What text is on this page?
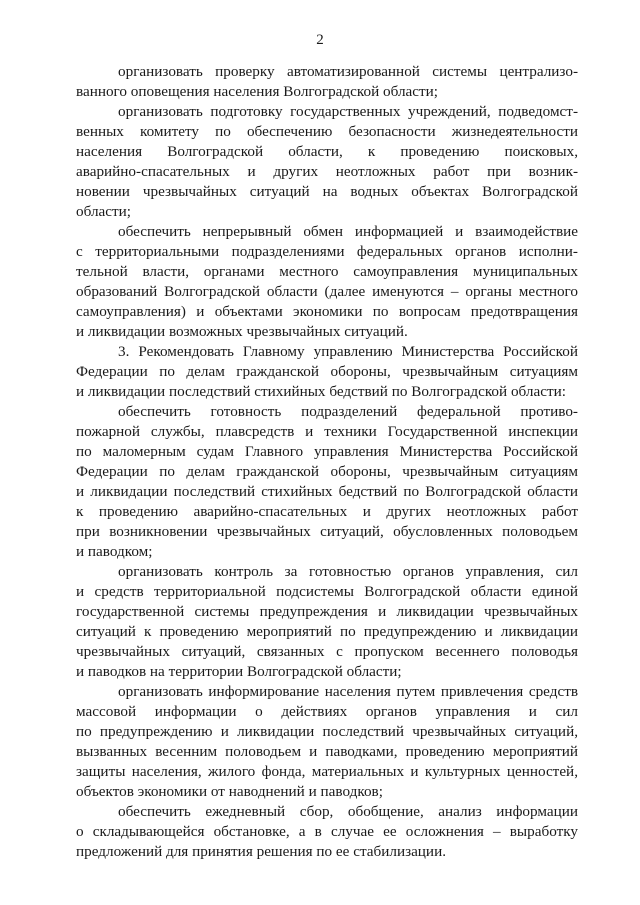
2
организовать проверку автоматизированной системы централизо-
ванного оповещения населения Волгоградской области;
организовать подготовку государственных учреждений, подведомст-
венных комитету по обеспечению безопасности жизнедеятельности
населения Волгоградской области, к проведению поисковых,
аварийно-спасательных и других неотложных работ при возник-
новении чрезвычайных ситуаций на водных объектах Волгоградской
области;
обеспечить непрерывный обмен информацией и взаимодействие
с территориальными подразделениями федеральных органов исполни-
тельной власти, органами местного самоуправления муниципальных
образований Волгоградской области (далее именуются – органы местного
самоуправления) и объектами экономики по вопросам предотвращения
и ликвидации возможных чрезвычайных ситуаций.
3. Рекомендовать Главному управлению Министерства Российской
Федерации по делам гражданской обороны, чрезвычайным ситуациям
и ликвидации последствий стихийных бедствий по Волгоградской области:
обеспечить готовность подразделений федеральной противо-
пожарной службы, плавсредств и техники Государственной инспекции
по маломерным судам Главного управления Министерства Российской
Федерации по делам гражданской обороны, чрезвычайным ситуациям
и ликвидации последствий стихийных бедствий по Волгоградской области
к проведению аварийно-спасательных и других неотложных работ
при возникновении чрезвычайных ситуаций, обусловленных половодьем
и паводком;
организовать контроль за готовностью органов управления, сил
и средств территориальной подсистемы Волгоградской области единой
государственной системы предупреждения и ликвидации чрезвычайных
ситуаций к проведению мероприятий по предупреждению и ликвидации
чрезвычайных ситуаций, связанных с пропуском весеннего половодья
и паводков на территории Волгоградской области;
организовать информирование населения путем привлечения средств
массовой информации о действиях органов управления и сил
по предупреждению и ликвидации последствий чрезвычайных ситуаций,
вызванных весенним половодьем и паводками, проведению мероприятий
защиты населения, жилого фонда, материальных и культурных ценностей,
объектов экономики от наводнений и паводков;
обеспечить ежедневный сбор, обобщение, анализ информации
о складывающейся обстановке, а в случае ее осложнения – выработку
предложений для принятия решения по ее стабилизации.
